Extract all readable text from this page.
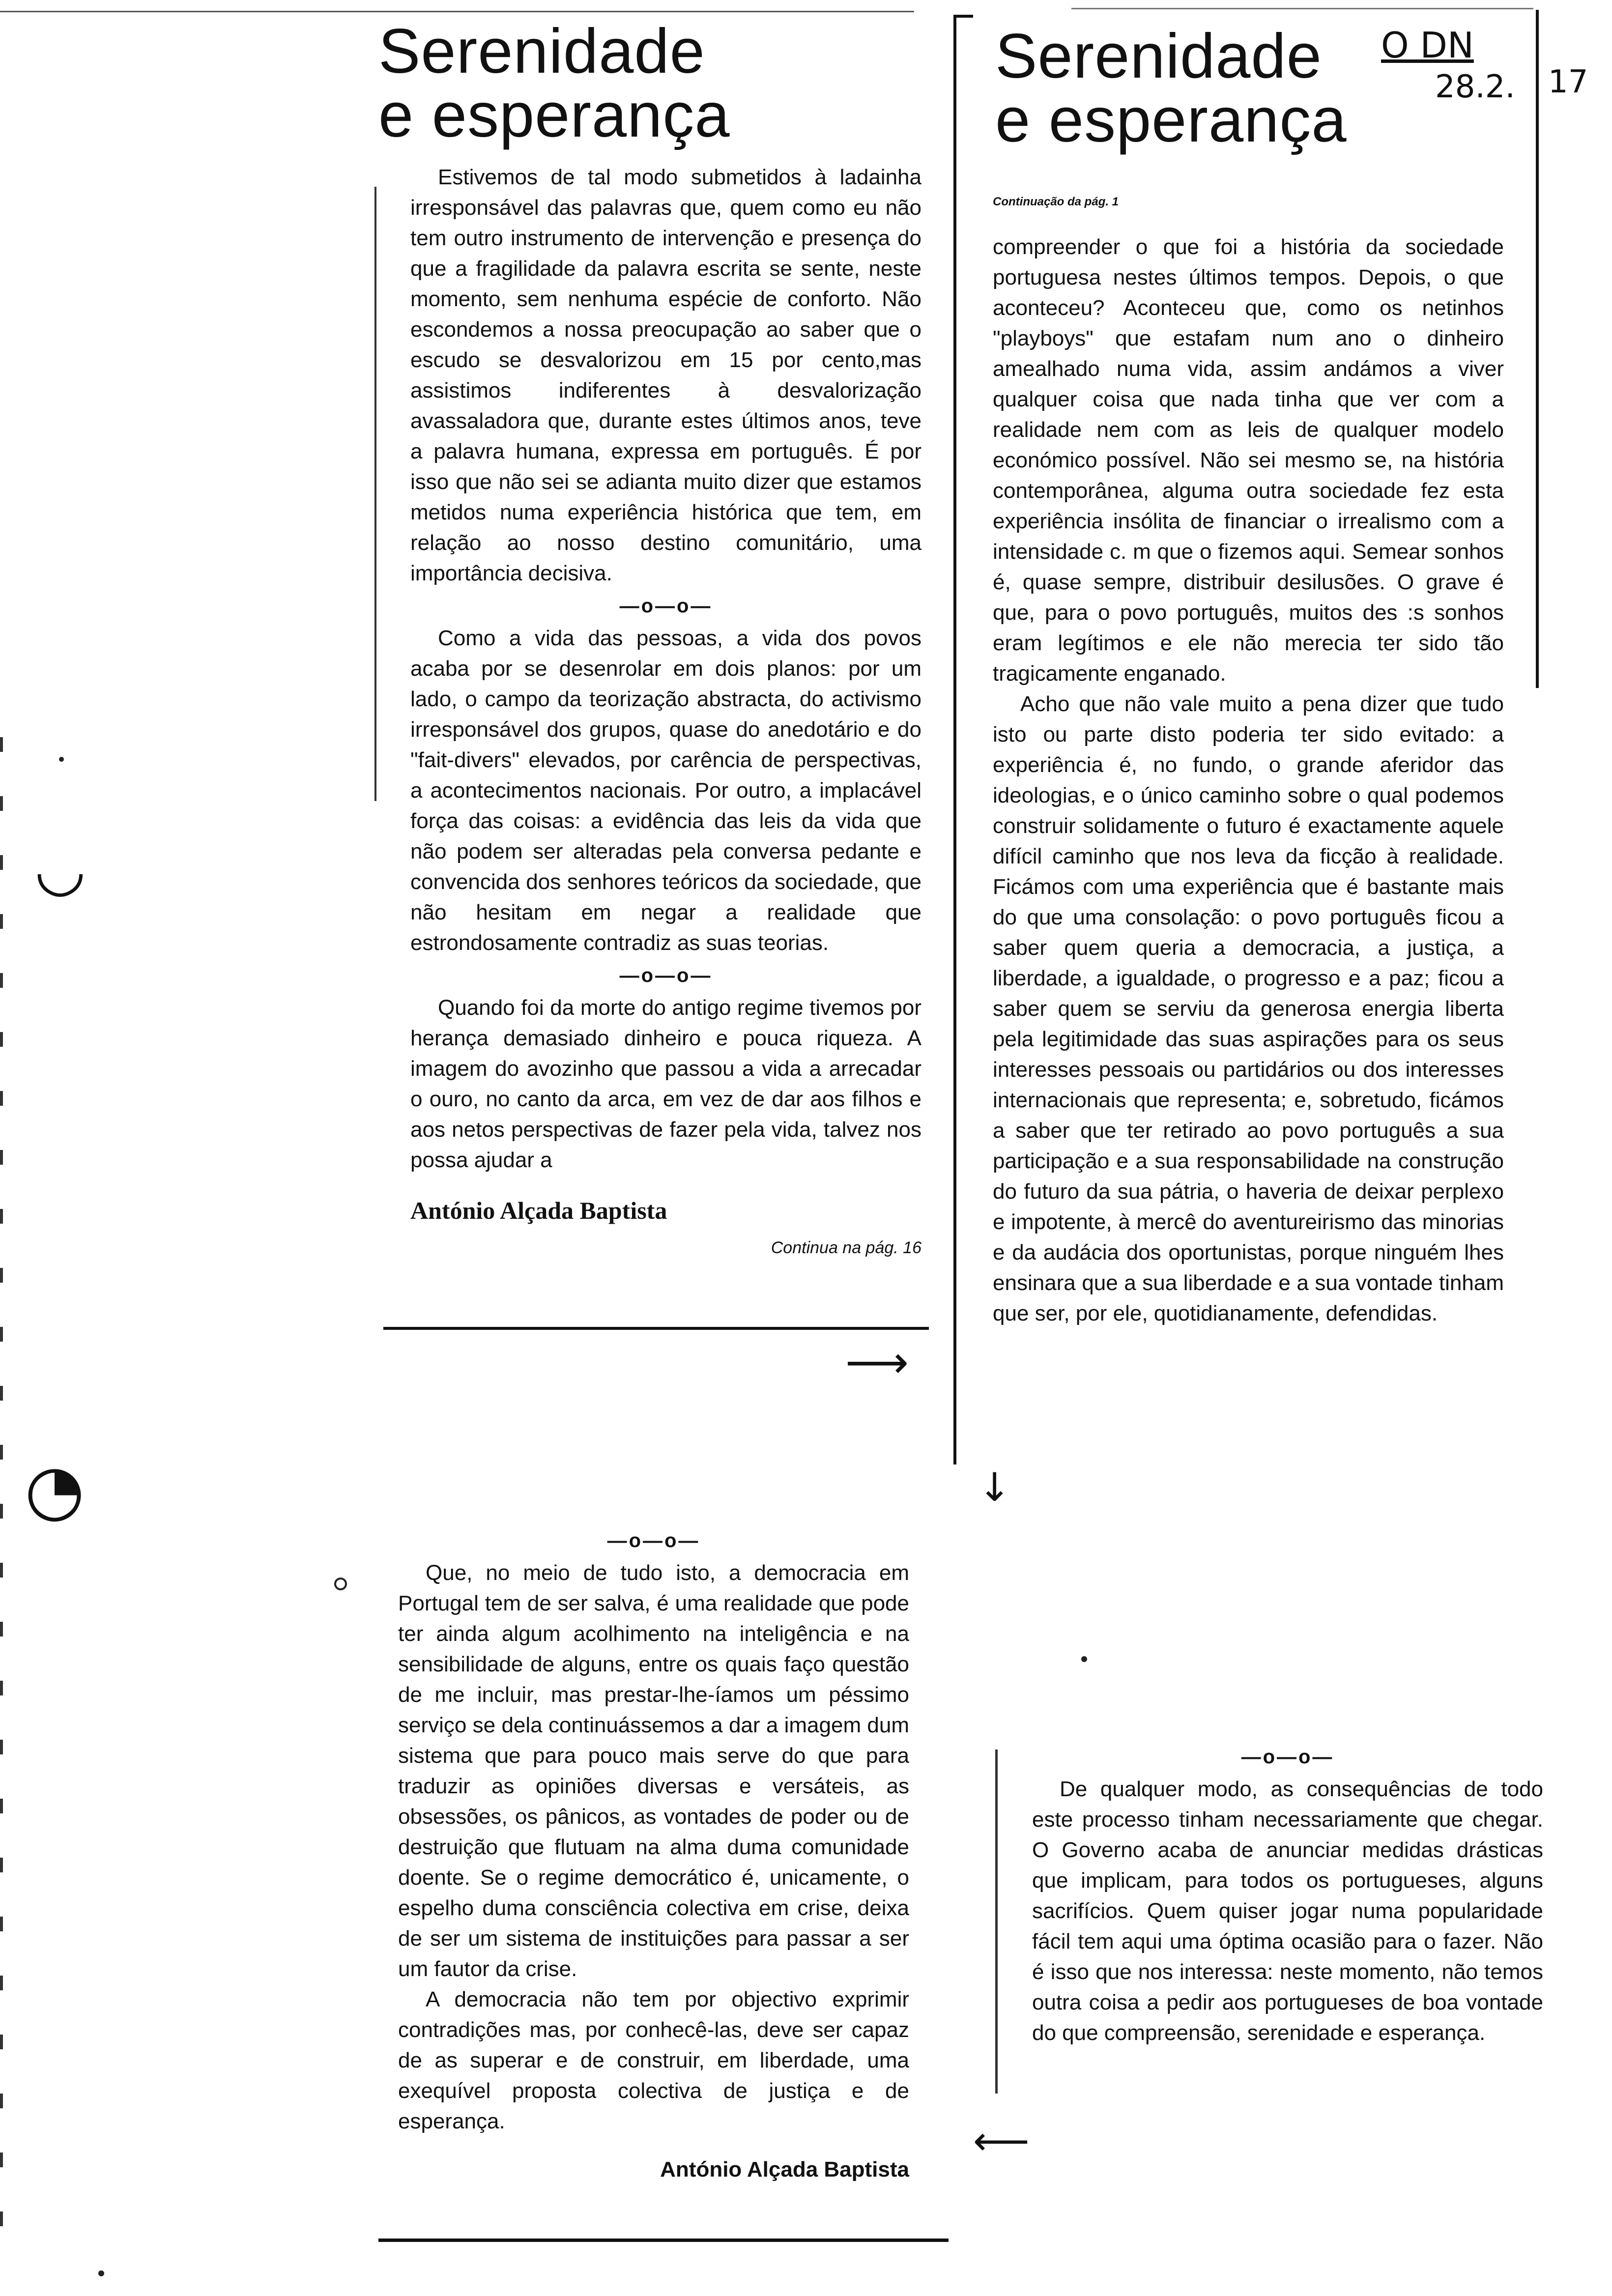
Serenidade
e esperança

Estivemos de tal modo submetidos à ladainha irresponsável das palavras que, quem como eu não tem outro instrumento de intervenção e presença do que a fragilidade da palavra escrita se sente, neste momento, sem nenhuma espécie de conforto. Não escondemos a nossa preocupação ao saber que o escudo se desvalorizou em 15 por cento,mas assistimos indiferentes à desvalorização avassaladora que, durante estes últimos anos, teve a palavra humana, expressa em português. É por isso que não sei se adianta muito dizer que estamos metidos numa experiência histórica que tem, em relação ao nosso destino comunitário, uma importância decisiva.

—o—o—

Como a vida das pessoas, a vida dos povos acaba por se desenrolar em dois planos: por um lado, o campo da teorização abstracta, do activismo irresponsável dos grupos, quase do anedotário e do "fait-divers" elevados, por carência de perspectivas, a acontecimentos nacionais. Por outro, a implacável força das coisas: a evidência das leis da vida que não podem ser alteradas pela conversa pedante e convencida dos senhores teóricos da sociedade, que não hesitam em negar a realidade que estrondosamente contradiz as suas teorias.

—o—o—

Quando foi da morte do antigo regime tivemos por herança demasiado dinheiro e pouca riqueza. A imagem do avozinho que passou a vida a arrecadar o ouro, no canto da arca, em vez de dar aos filhos e aos netos perspectivas de fazer pela vida, talvez nos possa ajudar a

António Alçada Baptista
Continua na pág. 16
⟶
Serenidade
e esperança
Continuação da pág. 1

compreender o que foi a história da sociedade portuguesa nestes últimos tempos. Depois, o que aconteceu? Aconteceu que, como os netinhos "playboys" que estafam num ano o dinheiro amealhado numa vida, assim andámos a viver qualquer coisa que nada tinha que ver com a realidade nem com as leis de qualquer modelo económico possível. Não sei mesmo se, na história contemporânea, alguma outra sociedade fez esta experiência insólita de financiar o irrealismo com a intensidade c. m que o fizemos aqui. Semear sonhos é, quase sempre, distribuir desilusões. O grave é que, para o povo português, muitos des :s sonhos eram legítimos e ele não merecia ter sido tão tragicamente enganado.

Acho que não vale muito a pena dizer que tudo isto ou parte disto poderia ter sido evitado: a experiência é, no fundo, o grande aferidor das ideologias, e o único caminho sobre o qual podemos construir solidamente o futuro é exactamente aquele difícil caminho que nos leva da ficção à realidade. Ficámos com uma experiência que é bastante mais do que uma consolação: o povo português ficou a saber quem queria a democracia, a justiça, a liberdade, a igualdade, o progresso e a paz; ficou a saber quem se serviu da generosa energia liberta pela legitimidade das suas aspirações para os seus interesses pessoais ou partidários ou dos interesses internacionais que representa; e, sobretudo, ficámos a saber que ter retirado ao povo português a sua participação e a sua responsabilidade na construção do futuro da sua pátria, o haveria de deixar perplexo e impotente, à mercê do aventureirismo das minorias e da audácia dos oportunistas, porque ninguém lhes ensinara que a sua liberdade e a sua vontade tinham que ser, por ele, quotidianamente, defendidas.

O DN
28.2. 17
↓
⟵
—o—o—

Que, no meio de tudo isto, a democracia em Portugal tem de ser salva, é uma realidade que pode ter ainda algum acolhimento na inteligência e na sensibilidade de alguns, entre os quais faço questão de me incluir, mas prestar-lhe-íamos um péssimo serviço se dela continuássemos a dar a imagem dum sistema que para pouco mais serve do que para traduzir as opiniões diversas e versáteis, as obsessões, os pânicos, as vontades de poder ou de destruição que flutuam na alma duma comunidade doente. Se o regime democrático é, unicamente, o espelho duma consciência colectiva em crise, deixa de ser um sistema de instituições para passar a ser um fautor da crise.

A democracia não tem por objectivo exprimir contradições mas, por conhecê-las, deve ser capaz de as superar e de construir, em liberdade, uma exequível proposta colectiva de justiça e de esperança.

António Alçada Baptista
—o—o—

De qualquer modo, as consequências de todo este processo tinham necessariamente que chegar. O Governo acaba de anunciar medidas drásticas que implicam, para todos os portugueses, alguns sacrifícios. Quem quiser jogar numa popularidade fácil tem aqui uma óptima ocasião para o fazer. Não é isso que nos interessa: neste momento, não temos outra coisa a pedir aos portugueses de boa vontade do que compreensão, serenidade e esperança.

◡
◔
